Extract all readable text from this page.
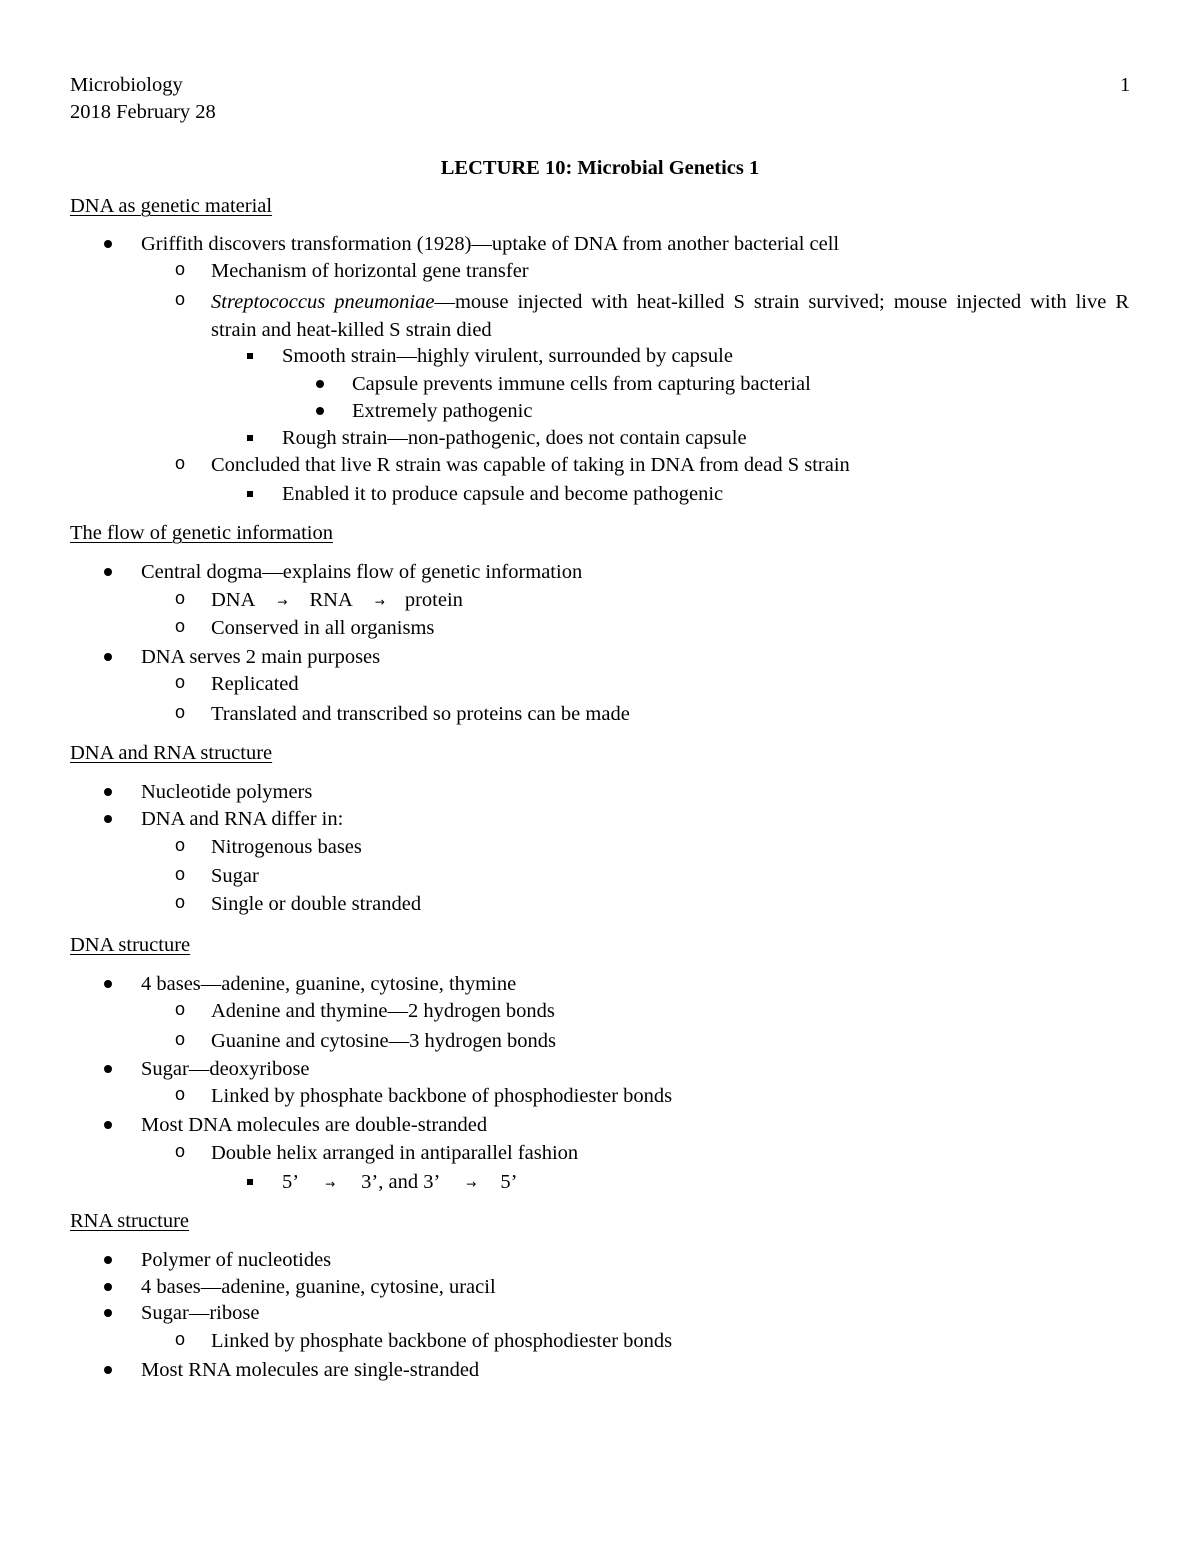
Microbiology
2018 February 28
1
LECTURE 10: Microbial Genetics 1
DNA as genetic material
Griffith discovers transformation (1928)—uptake of DNA from another bacterial cell
o Mechanism of horizontal gene transfer
o Streptococcus pneumoniae—mouse injected with heat-killed S strain survived; mouse injected with live R strain and heat-killed S strain died
Smooth strain—highly virulent, surrounded by capsule
Capsule prevents immune cells from capturing bacterial
Extremely pathogenic
Rough strain—non-pathogenic, does not contain capsule
o Concluded that live R strain was capable of taking in DNA from dead S strain
Enabled it to produce capsule and become pathogenic
The flow of genetic information
Central dogma—explains flow of genetic information
o DNA → RNA → protein
o Conserved in all organisms
DNA serves 2 main purposes
o Replicated
o Translated and transcribed so proteins can be made
DNA and RNA structure
Nucleotide polymers
DNA and RNA differ in:
o Nitrogenous bases
o Sugar
o Single or double stranded
DNA structure
4 bases—adenine, guanine, cytosine, thymine
o Adenine and thymine—2 hydrogen bonds
o Guanine and cytosine—3 hydrogen bonds
Sugar—deoxyribose
o Linked by phosphate backbone of phosphodiester bonds
Most DNA molecules are double-stranded
o Double helix arranged in antiparallel fashion
5’ → 3’, and 3’ → 5’
RNA structure
Polymer of nucleotides
4 bases—adenine, guanine, cytosine, uracil
Sugar—ribose
o Linked by phosphate backbone of phosphodiester bonds
Most RNA molecules are single-stranded
